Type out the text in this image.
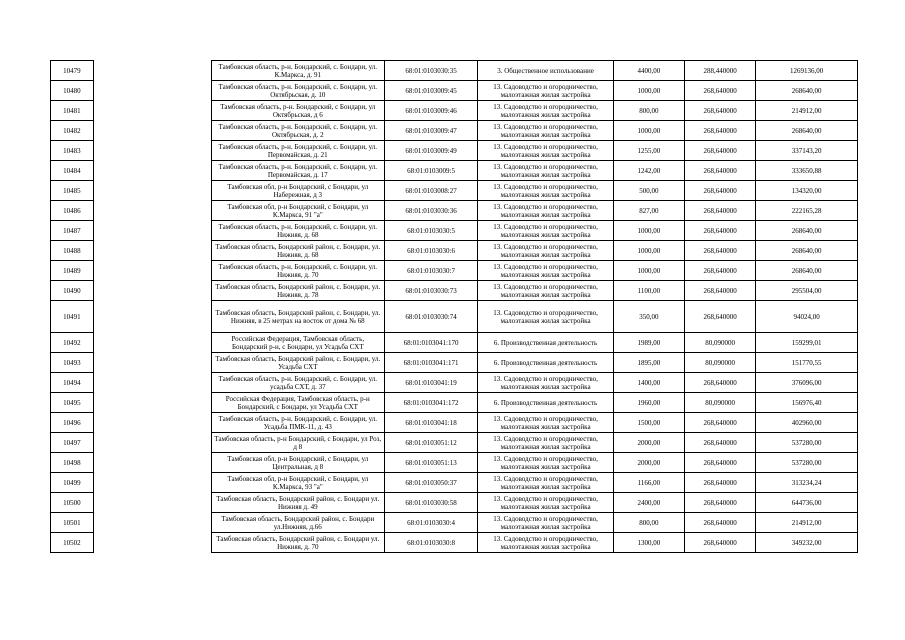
10479		Тамбовская область, р-н. Бондарский, с. Бондари, ул. К.Маркса, д. 91	68:01:0103030:35	3. Общественное использование	4400,00	288,440000	1269136,00
10480		Тамбовская область, р-н. Бондарский, с. Бондари, ул. Октябрьская, д. 10	68:01:0103009:45	13. Садоводство и огородничество, малоэтажная жилая застройка	1000,00	268,640000	268640,00
10481		Тамбовская область, р-н. Бондарский, с Бондари, ул Октябрьская, д 6	68:01:0103009:46	13. Садоводство и огородничество, малоэтажная жилая застройка	800,00	268,640000	214912,00
10482		Тамбовская область, р-н. Бондарский, с. Бондари, ул. Октябрьская, д. 2	68:01:0103009:47	13. Садоводство и огородничество, малоэтажная жилая застройка	1000,00	268,640000	268640,00
10483		Тамбовская область, р-н. Бондарский, с. Бондари, ул. Первомайская, д. 21	68:01:0103009:49	13. Садоводство и огородничество, малоэтажная жилая застройка	1255,00	268,640000	337143,20
10484		Тамбовская область, р-н. Бондарский, с. Бондари, ул. Первомайская, д. 17	68:01:0103009:5	13. Садоводство и огородничество, малоэтажная жилая застройка	1242,00	268,640000	333650,88
10485		Тамбовская обл, р-н Бондарский, с Бондари, ул Набережная, д 3	68:01:0103008:27	13. Садоводство и огородничество, малоэтажная жилая застройка	500,00	268,640000	134320,00
10486		Тамбовская обл, р-н Бондарский, с Бондари, ул К.Маркса, 91 "а"	68:01:0103030:36	13. Садоводство и огородничество, малоэтажная жилая застройка	827,00	268,640000	222165,28
10487		Тамбовская область, р-н. Бондарский, с. Бондари, ул. Нижняя, д. 68	68:01:0103030:5	13. Садоводство и огородничество, малоэтажная жилая застройка	1000,00	268,640000	268640,00
10488		Тамбовская область, Бондарский район, с. Бондари, ул. Нижняя, д. 68	68:01:0103030:6	13. Садоводство и огородничество, малоэтажная жилая застройка	1000,00	268,640000	268640,00
10489		Тамбовская область, р-н. Бондарский, с. Бондари, ул. Нижняя, д. 70	68:01:0103030:7	13. Садоводство и огородничество, малоэтажная жилая застройка	1000,00	268,640000	268640,00
10490		Тамбовская область, Бондарский район, с. Бондари, ул. Нижняя, д. 78	68:01:0103030:73	13. Садоводство и огородничество, малоэтажная жилая застройка	1100,00	268,640000	295504,00
10491		Тамбовская область, Бондарский район, с. Бондари, ул. Нижняя, в 25 метрах на восток от дома № 68	68:01:0103030:74	13. Садоводство и огородничество, малоэтажная жилая застройка	350,00	268,640000	94024,00
10492		Российская Федерация, Тамбовская область, Бондарский р-н, с Бондари, ул Усадьба СХТ	68:01:0103041:170	6. Производственная деятельность	1989,00	80,090000	159299,01
10493		Тамбовская область, Бондарский район, с. Бондари, ул. Усадьба СХТ	68:01:0103041:171	6. Производственная деятельность	1895,00	80,090000	151770,55
10494		Тамбовская область, р-н. Бондарский, с. Бондари, ул. усадьба СХТ, д. 37	68:01:0103041:19	13. Садоводство и огородничество, малоэтажная жилая застройка	1400,00	268,640000	376096,00
10495		Российская Федерация, Тамбовская область, р-н Бондарский, с Бондари, ул Усадьба СХТ	68:01:0103041:172	6. Производственная деятельность	1960,00	80,090000	156976,40
10496		Тамбовская область, р-н. Бондарский, с. Бондари, ул. Усадьба ПМК-11, д. 43	68:01:0103041:18	13. Садоводство и огородничество, малоэтажная жилая застройка	1500,00	268,640000	402960,00
10497		Тамбовская область, р-н Бондарский, с Бондари, ул Роз, д 8	68:01:0103051:12	13. Садоводство и огородничество, малоэтажная жилая застройка	2000,00	268,640000	537280,00
10498		Тамбовская обл, р-н Бондарский, с Бондари, ул Центральная, д 8	68:01:0103051:13	13. Садоводство и огородничество, малоэтажная жилая застройка	2000,00	268,640000	537280,00
10499		Тамбовская обл, р-н Бондарский, с Бондари, ул К.Маркса, 93 "а"	68:01:0103050:37	13. Садоводство и огородничество, малоэтажная жилая застройка	1166,00	268,640000	313234,24
10500		Тамбовская область, Бондарский район, с. Бондари ул. Нижняя д. 49	68:01:0103030:58	13. Садоводство и огородничество, малоэтажная жилая застройка	2400,00	268,640000	644736,00
10501		Тамбовская область, Бондарский район, с. Бондари ул.Нижняя, д.66	68:01:0103030:4	13. Садоводство и огородничество, малоэтажная жилая застройка	800,00	268,640000	214912,00
10502		Тамбовская область, Бондарский район, с. Бондари ул. Нижняя, д. 70	68:01:0103030:8	13. Садоводство и огородничество, малоэтажная жилая застройка	1300,00	268,640000	349232,00
